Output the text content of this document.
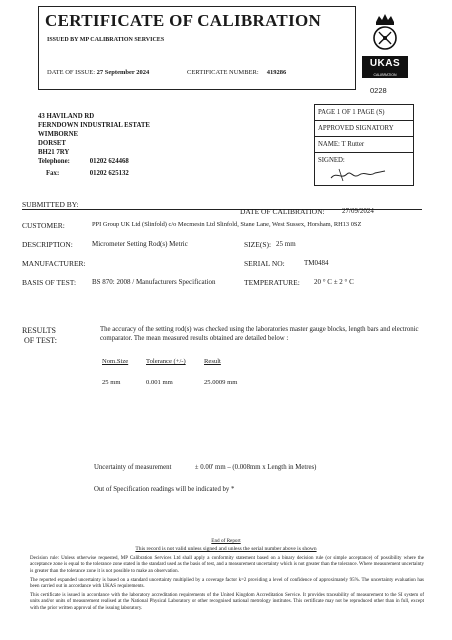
CERTIFICATE OF CALIBRATION
ISSUED BY MP CALIBRATION SERVICES
DATE OF ISSUE: 27 September 2024	CERTIFICATE NUMBER: 419286
UKAS
CALIBRATION
0228
43 HAVILAND RD
FERNDOWN INDUSTRIAL ESTATE
WIMBORNE
DORSET
BH21 7RY
Telephone:	01202 624468
Fax:	01202 625132
PAGE 1 OF 1 PAGE (S)
APPROVED SIGNATORY
NAME: T Rutter
SIGNED:
SUBMITTED BY:
DATE OF CALIBRATION: 27/09/2024
CUSTOMER:	PPI Group UK Ltd (Slinfold) c/o Mecmesin Ltd Slinfold, Stane Lane, West Sussex, Horsham, RH13 0SZ
DESCRIPTION:	Micrometer Setting Rod(s) Metric	SIZE(S): 25 mm
MANUFACTURER:	SERIAL NO:	TM0484
BASIS OF TEST: BS 870: 2008 / Manufacturers Specification	TEMPERATURE: 20 ° C ± 2 ° C
RESULTS
OF TEST:
The accuracy of the setting rod(s) was checked using the laboratories master gauge blocks, length bars and electronic comparator. The mean measured results obtained are detailed below :
Nom.Size	Tolerance (+/-)	Result
25 mm	0.001 mm	25.0009 mm
Uncertainty of measurement	± 0.00' mm – (0.008mm x Length in Metres)
Out of Specification readings will be indicated by *
End of Report
This record is not valid unless signed and unless the serial number above is shown

Decision rule: Unless otherwise requested, MP Calibration Services Ltd shall apply a conformity statement based on a binary decision rule (or simple acceptance) of possibility where the acceptance zone is equal to the tolerance zone stated in the standard used as the basis of test, and a measurement uncertainty which is not greater than the tolerance. Where measurement uncertainty is greater than the tolerance zone it is not possible to make an observation.

The reported expanded uncertainty is based on a standard uncertainty multiplied by a coverage factor k=2 providing a level of confidence of approximately 95%. The uncertainty evaluation has been carried out in accordance with UKAS requirements.

This certificate is issued in accordance with the laboratory accreditation requirements of the United Kingdom Accreditation Service. It provides traceability of measurement to the SI system of units and/or units of measurement realised at the National Physical Laboratory or other recognised national metrology institutes. This certificate may not be reproduced other than in full, except with the prior written approval of the issuing laboratory.
